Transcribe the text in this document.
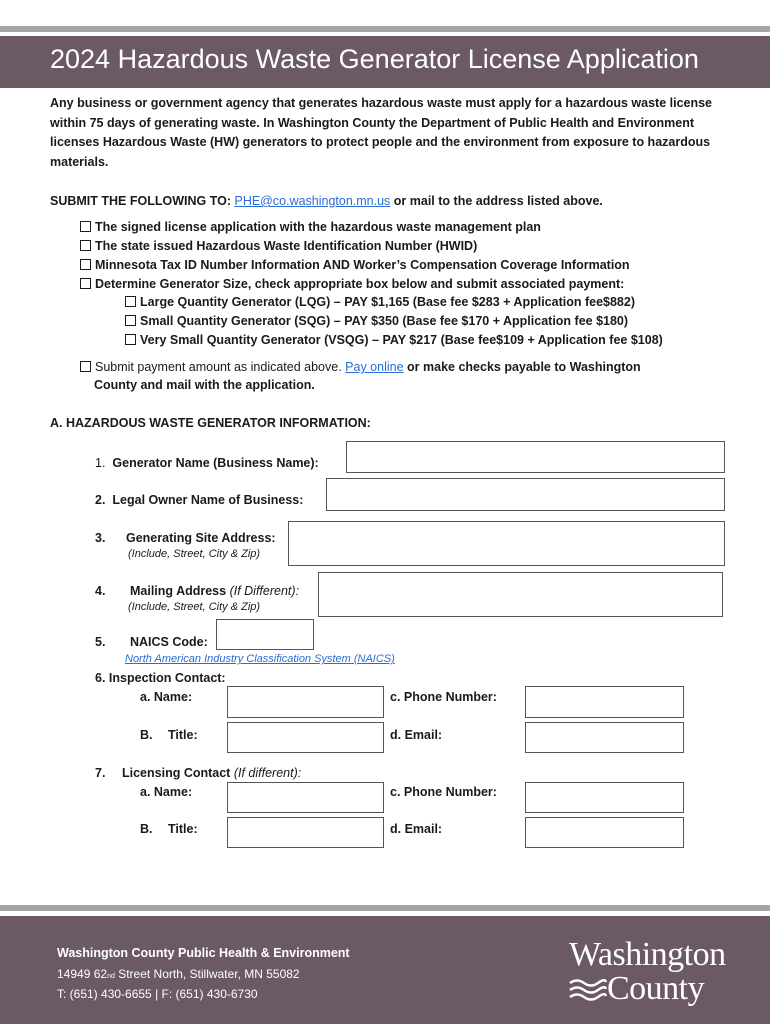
2024 Hazardous Waste Generator License Application
Any business or government agency that generates hazardous waste must apply for a hazardous waste license within 75 days of generating waste. In Washington County the Department of Public Health and Environment licenses Hazardous Waste (HW) generators to protect people and the environment from exposure to hazardous materials.
SUBMIT THE FOLLOWING TO: PHE@co.washington.mn.us or mail to the address listed above.
The signed license application with the hazardous waste management plan
The state issued Hazardous Waste Identification Number (HWID)
Minnesota Tax ID Number Information AND Worker’s Compensation Coverage Information
Determine Generator Size, check appropriate box below and submit associated payment:
Large Quantity Generator (LQG) – PAY $1,165 (Base fee $283 + Application fee$882)
Small Quantity Generator (SQG) – PAY $350 (Base fee $170 + Application fee $180)
Very Small Quantity Generator (VSQG) – PAY $217 (Base fee$109 + Application fee $108)
Submit payment amount as indicated above. Pay online or make checks payable to Washington
County and mail with the application.
A. HAZARDOUS WASTE GENERATOR INFORMATION:
1. Generator Name (Business Name):
2. Legal Owner Name of Business:
3. Generating Site Address:
(Include, Street, City & Zip)
4. Mailing Address (If Different):
(Include, Street, City & Zip)
5. NAICS Code:
North American Industry Classification System (NAICS)
6. Inspection Contact:
a. Name:	c. Phone Number:
B. Title:	d. Email:
7. Licensing Contact (If different):
a. Name:	c. Phone Number:
B. Title:	d. Email:
Washington County Public Health & Environment
14949 62nd Street North, Stillwater, MN 55082
T: (651) 430-6655 | F: (651) 430-6730
Washington
County
